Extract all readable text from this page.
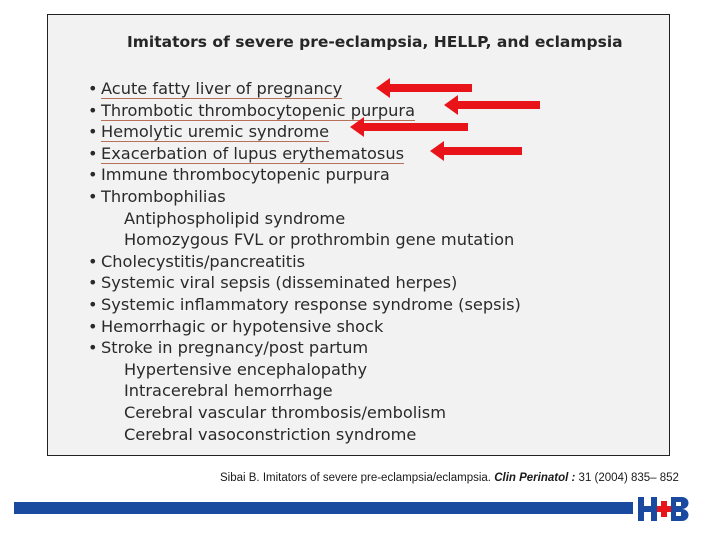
Imitators of severe pre-eclampsia, HELLP, and eclampsia

• Acute fatty liver of pregnancy
• Thrombotic thrombocytopenic purpura
• Hemolytic uremic syndrome
• Exacerbation of lupus erythematosus
• Immune thrombocytopenic purpura
• Thrombophilias
Antiphospholipid syndrome
Homozygous FVL or prothrombin gene mutation
• Cholecystitis/pancreatitis
• Systemic viral sepsis (disseminated herpes)
• Systemic inflammatory response syndrome (sepsis)
• Hemorrhagic or hypotensive shock
• Stroke in pregnancy/post partum
Hypertensive encephalopathy
Intracerebral hemorrhage
Cerebral vascular thrombosis/embolism
Cerebral vasoconstriction syndrome

Sibai B. Imitators of severe pre-eclampsia/eclampsia. Clin Perinatol : 31 (2004) 835– 852
